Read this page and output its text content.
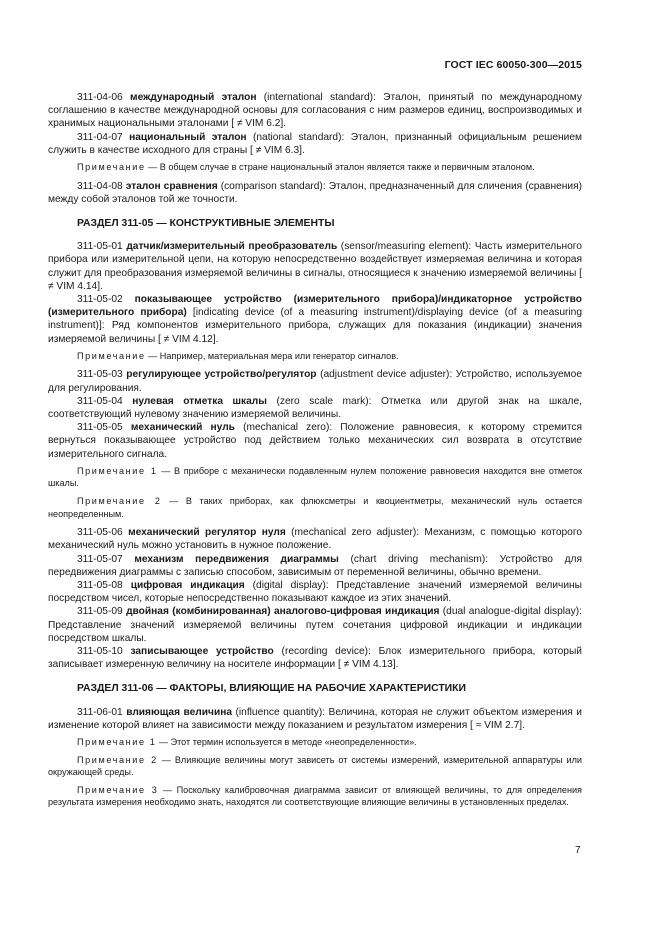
ГОСТ IEC 60050-300—2015

311-04-06 международный эталон (international standard): Эталон, принятый по международному соглашению в качестве международной основы для согласования с ним размеров единиц, воспроизводимых и хранимых национальными эталонами [ ≠ VIM 6.2].

311-04-07 национальный эталон (national standard): Эталон, признанный официальным решением служить в качестве исходного для страны [ ≠ VIM 6.3].

Примечание — В общем случае в стране национальный эталон является также и первичным эталоном.

311-04-08 эталон сравнения (comparison standard): Эталон, предназначенный для сличения (сравнения) между собой эталонов той же точности.

РАЗДЕЛ 311-05 — КОНСТРУКТИВНЫЕ ЭЛЕМЕНТЫ

311-05-01 датчик/измерительный преобразователь (sensor/measuring element): Часть измерительного прибора или измерительной цепи, на которую непосредственно воздействует измеряемая величина и которая служит для преобразования измеряемой величины в сигналы, относящиеся к значению измеряемой величины [ ≠ VIM 4.14].

311-05-02 показывающее устройство (измерительного прибора)/индикаторное устройство (измерительного прибора) [indicating device (of a measuring instrument)/displaying device (of a measuring instrument)]: Ряд компонентов измерительного прибора, служащих для показания (индикации) значения измеряемой величины [ ≠ VIM 4.12].

Примечание — Например, материальная мера или генератор сигналов.

311-05-03 регулирующее устройство/регулятор (adjustment device adjuster): Устройство, используемое для регулирования.

311-05-04 нулевая отметка шкалы (zero scale mark): Отметка или другой знак на шкале, соответствующий нулевому значению измеряемой величины.

311-05-05 механический нуль (mechanical zero): Положение равновесия, к которому стремится вернуться показывающее устройство под действием только механических сил возврата в отсутствие измерительного сигнала.

Примечание 1 — В приборе с механически подавленным нулем положение равновесия находится вне отметок шкалы.

Примечание 2 — В таких приборах, как флюксметры и квоциентметры, механический нуль остается неопределенным.

311-05-06 механический регулятор нуля (mechanical zero adjuster): Механизм, с помощью которого механический нуль можно установить в нужное положение.

311-05-07 механизм передвижения диаграммы (chart driving mechanism): Устройство для передвижения диаграммы с записью способом, зависимым от переменной величины, обычно времени.

311-05-08 цифровая индикация (digital display): Представление значений измеряемой величины посредством чисел, которые непосредственно показывают каждое из этих значений.

311-05-09 двойная (комбинированная) аналогово-цифровая индикация (dual analogue-digital display): Представление значений измеряемой величины путем сочетания цифровой индикации и индикации посредством шкалы.

311-05-10 записывающее устройство (recording device): Блок измерительного прибора, который записывает измеренную величину на носителе информации [ ≠ VIM 4.13].

РАЗДЕЛ 311-06 — ФАКТОРЫ, ВЛИЯЮЩИЕ НА РАБОЧИЕ ХАРАКТЕРИСТИКИ

311-06-01 влияющая величина (influence quantity): Величина, которая не служит объектом измерения и изменение которой влияет на зависимости между показанием и результатом измерения [ ≈ VIM 2.7].

Примечание 1 — Этот термин используется в методе «неопределенности».

Примечание 2 — Влияющие величины могут зависеть от системы измерений, измерительной аппаратуры или окружающей среды.

Примечание 3 — Поскольку калибровочная диаграмма зависит от влияющей величины, то для определения результата измерения необходимо знать, находятся ли соответствующие влияющие величины в установленных пределах.

7
